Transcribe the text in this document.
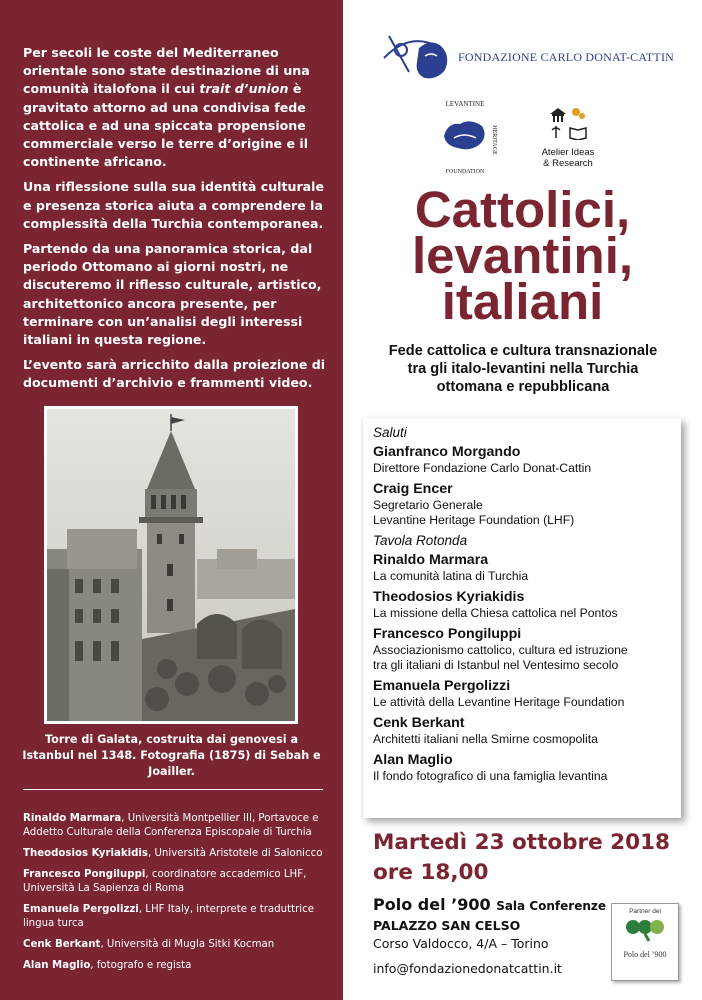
Per secoli le coste del Mediterraneo orientale sono state destinazione di una comunità italofona il cui trait d’union è gravitato attorno ad una condivisa fede cattolica e ad una spiccata propensione commerciale verso le terre d’origine e il continente africano.

Una riflessione sulla sua identità culturale e presenza storica aiuta a comprendere la complessità della Turchia contemporanea.

Partendo da una panoramica storica, dal periodo Ottomano ai giorni nostri, ne discuteremo il riflesso culturale, artistico, architettonico ancora presente, per terminare con un’analisi degli interessi italiani in questa regione.

L’evento sarà arricchito dalla proiezione di documenti d’archivio e frammenti video.

Torre di Galata, costruita dai genovesi a Istanbul nel 1348. Fotografia (1875) di Sebah e Joailler.
Rinaldo Marmara, Università Montpellier III, Portavoce e Addetto Culturale della Conferenza Episcopale di Turchia
Theodosios Kyriakidis, Università Aristotele di Salonicco
Francesco Pongiluppi, coordinatore accademico LHF, Università La Sapienza di Roma
Emanuela Pergolizzi, LHF Italy, interprete e traduttrice lingua turca
Cenk Berkant, Università di Mugla Sitki Kocman
Alan Maglio, fotografo e regista
FONDAZIONE CARLO DONAT-CATTIN
LEVANTINE
FOUNDATION
HERITAGE	Atelier Ideas
& Research
Cattolici,
levantini,
italiani
Fede cattolica e cultura transnazionale
tra gli italo-levantini nella Turchia
ottomana e repubblicana
Saluti
Gianfranco Morgando
Direttore Fondazione Carlo Donat-Cattin
Craig Encer
Segretario Generale
Levantine Heritage Foundation (LHF)
Tavola Rotonda
Rinaldo Marmara
La comunità latina di Turchia
Theodosios Kyriakidis
La missione della Chiesa cattolica nel Pontos
Francesco Pongiluppi
Associazionismo cattolico, cultura ed istruzione
tra gli italiani di Istanbul nel Ventesimo secolo
Emanuela Pergolizzi
Le attività della Levantine Heritage Foundation
Cenk Berkant
Architetti italiani nella Smirne cosmopolita
Alan Maglio
Il fondo fotografico di una famiglia levantina
Martedì 23 ottobre 2018
ore 18,00
Polo del ’900 Sala Conferenze
PALAZZO SAN CELSO
Corso Valdocco, 4/A – Torino
info@fondazionedonatcattin.it
Partner del
Polo del ’900
